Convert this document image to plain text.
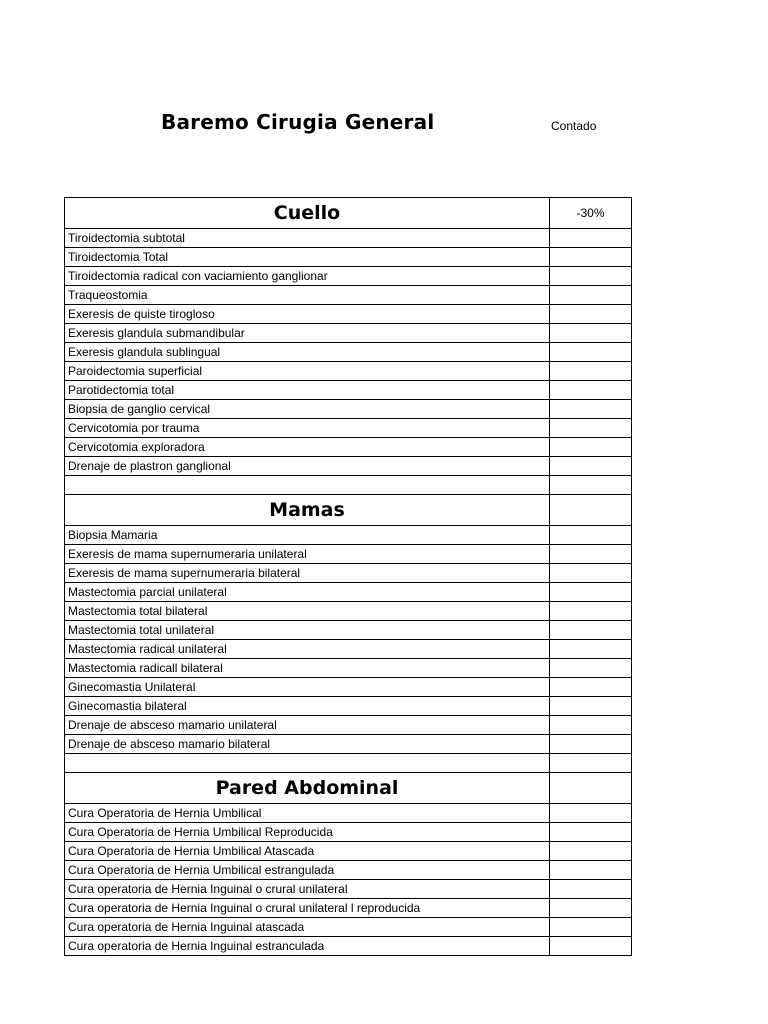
Baremo Cirugia General	Contado
Cuello	-30%
Tiroidectomia subtotal	
Tiroidectomia Total	
Tiroidectomia radical con vaciamiento ganglionar	
Traqueostomia	
Exeresis de quiste tirogloso	
Exeresis glandula submandibular	
Exeresis glandula sublingual	
Paroidectomia superficial	
Parotidectomia total	
Biopsia de ganglio cervical	
Cervicotomia por trauma	
Cervicotomia exploradora	
Drenaje de plastron ganglional	

Mamas	
Biopsia Mamaria	
Exeresis de mama supernumeraria unilateral	
Exeresis de mama supernumeraria bilateral	
Mastectomia parcial unilateral	
Mastectomia total bilateral	
Mastectomia total unilateral	
Mastectomia radical unilateral	
Mastectomia radicall bilateral	
Ginecomastia Unilateral	
Ginecomastia bilateral	
Drenaje de absceso mamario unilateral	
Drenaje de absceso mamario bilateral	

Pared Abdominal	
Cura Operatoria de Hernia Umbilical	
Cura Operatoria de Hernia Umbilical Reproducida	
Cura Operatoria de Hernia Umbilical Atascada	
Cura Operatoria de Hernia Umbilical estrangulada	
Cura operatoria de Hernia Inguinal o crural unilateral	
Cura operatoria de Hernia Inguinal o crural unilateral l reproducida	
Cura operatoria de Hernia Inguinal atascada	
Cura operatoria de Hernia Inguinal estranculada	
